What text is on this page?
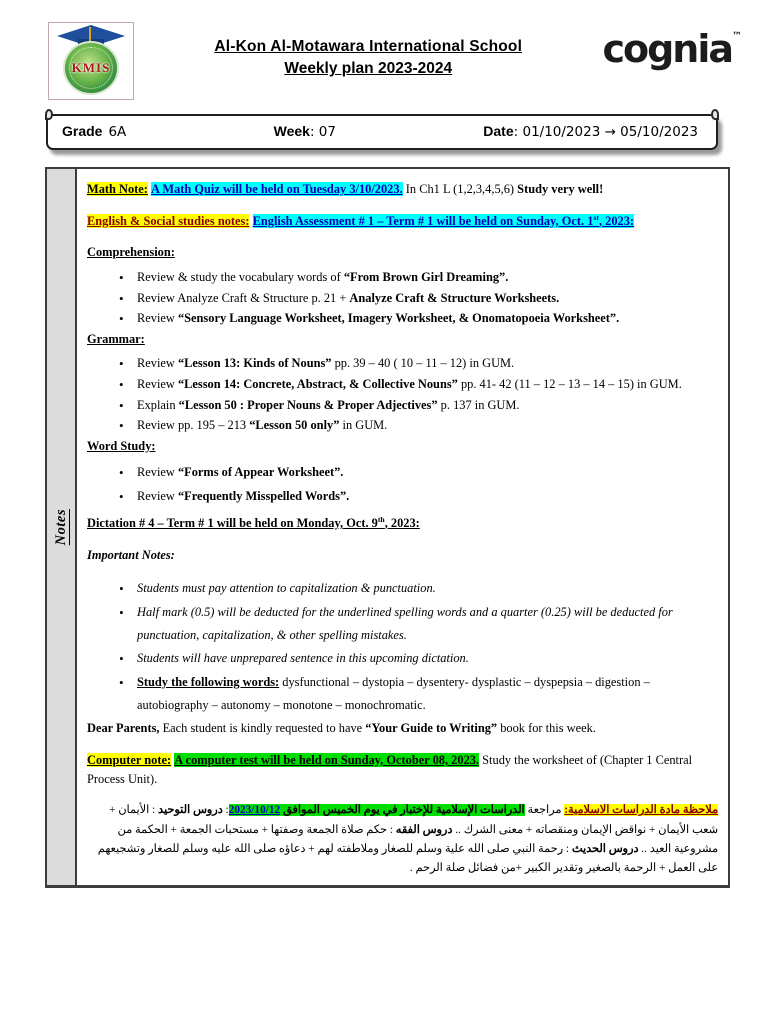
KMIS
Al-Kon Al-Motawara International School
Weekly plan 2023-2024	cognia™
Grade 6A	Week: 07	Date: 01/10/2023 → 05/10/2023
Notes

Math Note: A Math Quiz will be held on Tuesday 3/10/2023. In Ch1 L (1,2,3,4,5,6) Study very well!

English & Social studies notes: English Assessment # 1 – Term # 1 will be held on Sunday, Oct. 1st, 2023:

Comprehension:
• Review & study the vocabulary words of “From Brown Girl Dreaming”.
• Review Analyze Craft & Structure p. 21 + Analyze Craft & Structure Worksheets.
• Review “Sensory Language Worksheet, Imagery Worksheet, & Onomatopoeia Worksheet”.
Grammar:
• Review “Lesson 13: Kinds of Nouns” pp. 39 – 40 ( 10 – 11 – 12) in GUM.
• Review “Lesson 14: Concrete, Abstract, & Collective Nouns” pp. 41- 42 (11 – 12 – 13 – 14 – 15) in GUM.
• Explain “Lesson 50 : Proper Nouns & Proper Adjectives” p. 137 in GUM.
• Review pp. 195 – 213 “Lesson 50 only” in GUM.
Word Study:
• Review “Forms of Appear Worksheet”.
• Review “Frequently Misspelled Words”.

Dictation # 4 – Term # 1 will be held on Monday, Oct. 9th, 2023:

Important Notes:

• Students must pay attention to capitalization & punctuation.
• Half mark (0.5) will be deducted for the underlined spelling words and a quarter (0.25) will be deducted for punctuation, capitalization, & other spelling mistakes.
• Students will have unprepared sentence in this upcoming dictation.
• Study the following words: dysfunctional – dystopia – dysentery- dysplastic – dyspepsia – digestion – autobiography – autonomy – monotone – monochromatic.

Dear Parents, Each student is kindly requested to have “Your Guide to Writing” book for this week.

Computer note: A computer test will be held on Sunday, October 08, 2023. Study the worksheet of (Chapter 1 Central Process Unit).

ملاحظة مادة الدراسات الاسلامية: مراجعة الدراسات الإسلامية للإختبار في يوم الخميس الموافق 2023/10/12: دروس التوحيد : الأيمان + شعب الأيمان + نواقض الإيمان ومنقصاته + معنى الشرك .. دروس الفقه : حكم صلاة الجمعة وصفتها + مستحبات الجمعة + الحكمة من مشروعية العيد .. دروس الحديث : رحمة النبي صلى الله علية وسلم للصغار وملاطفته لهم + دعاؤه صلى الله عليه وسلم للصغار وتشجيعهم على العمل + الرحمة بالصغير وتقدير الكبير +من فضائل صلة الرحم .
